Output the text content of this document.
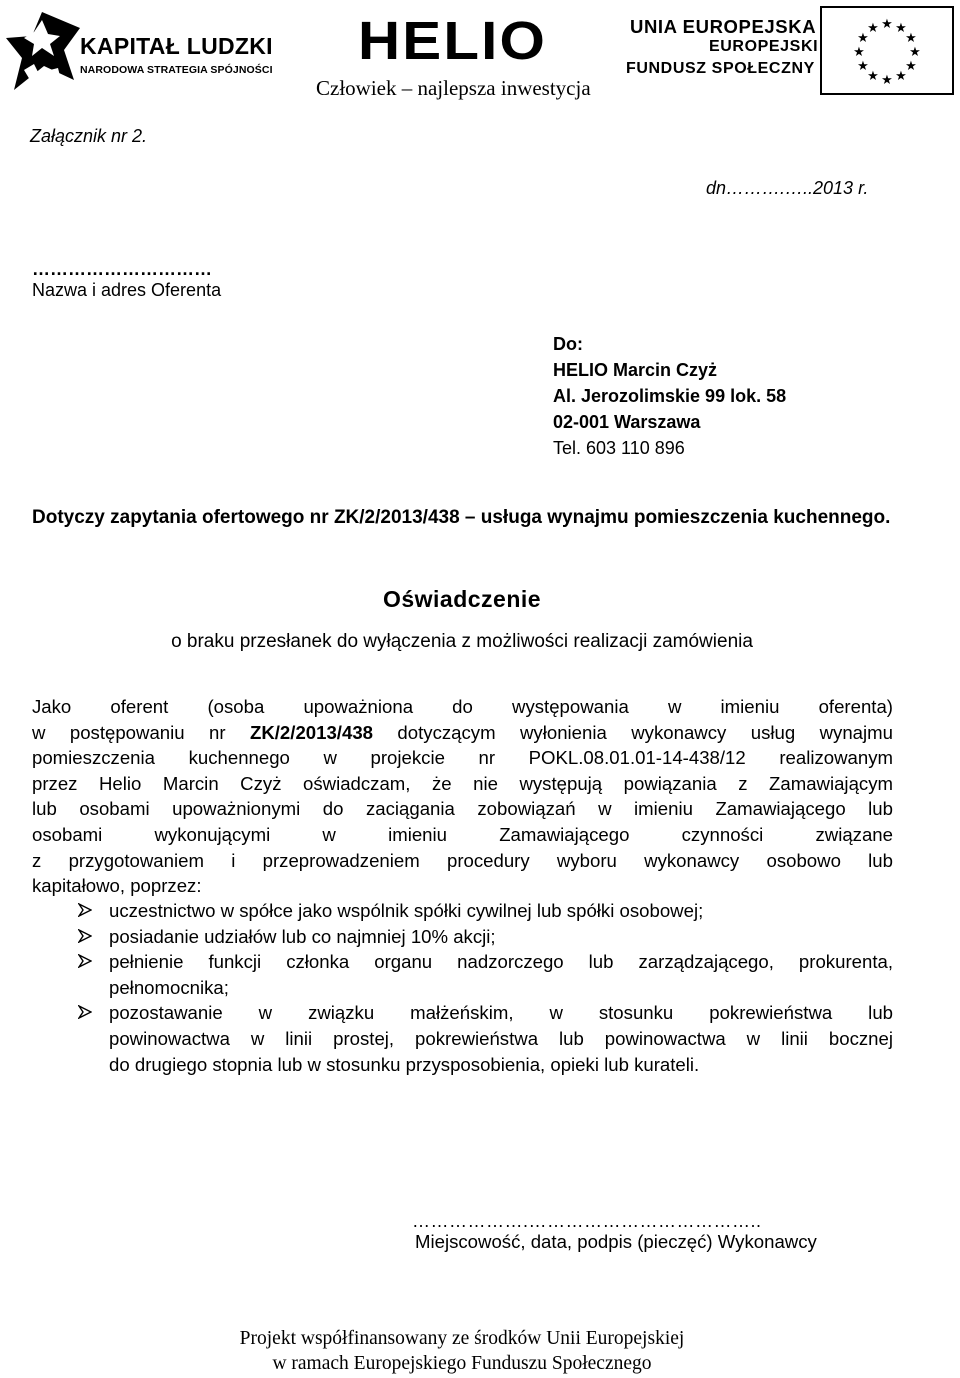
KAPITAŁ LUDZKI
NARODOWA STRATEGIA SPÓJNOŚCI HELIO
Człowiek – najlepsza inwestycja
UNIA EUROPEJSKA
EUROPEJSKI
FUNDUSZ SPOŁECZNY
★ ★
★
★
★
★
★
★
★
★
★
★
Załącznik nr 2.
dn……….…..2013 r.
…………………………
Nazwa i adres Oferenta
Do:
HELIO Marcin Czyż
Al. Jerozolimskie 99 lok. 58
02-001 Warszawa
Tel. 603 110 896
Dotyczy zapytania ofertowego nr ZK/2/2013/438 – usługa wynajmu pomieszczenia kuchennego.
Oświadczenie
o braku przesłanek do wyłączenia z możliwości realizacji zamówienia
Jako oferent (osoba upoważniona do występowania w imieniu oferenta)
w postępowaniu nr ZK/2/2013/438 dotyczącym wyłonienia wykonawcy usług wynajmu
pomieszczenia kuchennego w projekcie nr POKL.08.01.01-14-438/12 realizowanym
przez Helio Marcin Czyż oświadczam, że nie występują powiązania z Zamawiającym
lub osobami upoważnionymi do zaciągania zobowiązań w imieniu Zamawiającego lub
osobami wykonującymi w imieniu Zamawiającego czynności związane
z przygotowaniem i przeprowadzeniem procedury wyboru wykonawcy osobowo lub
kapitałowo, poprzez:
uczestnictwo w spółce jako wspólnik spółki cywilnej lub spółki osobowej;
posiadanie udziałów lub co najmniej 10% akcji;
pełnienie funkcji członka organu nadzorczego lub zarządzającego, prokurenta,
pełnomocnika;
pozostawanie w związku małżeńskim, w stosunku pokrewieństwa lub
powinowactwa w linii prostej, pokrewieństwa lub powinowactwa w linii bocznej
do drugiego stopnia lub w stosunku przysposobienia, opieki lub kurateli.
……………….………………………………..
Miejscowość, data, podpis (pieczęć) Wykonawcy
Projekt współfinansowany ze środków Unii Europejskiej
w ramach Europejskiego Funduszu Społecznego
